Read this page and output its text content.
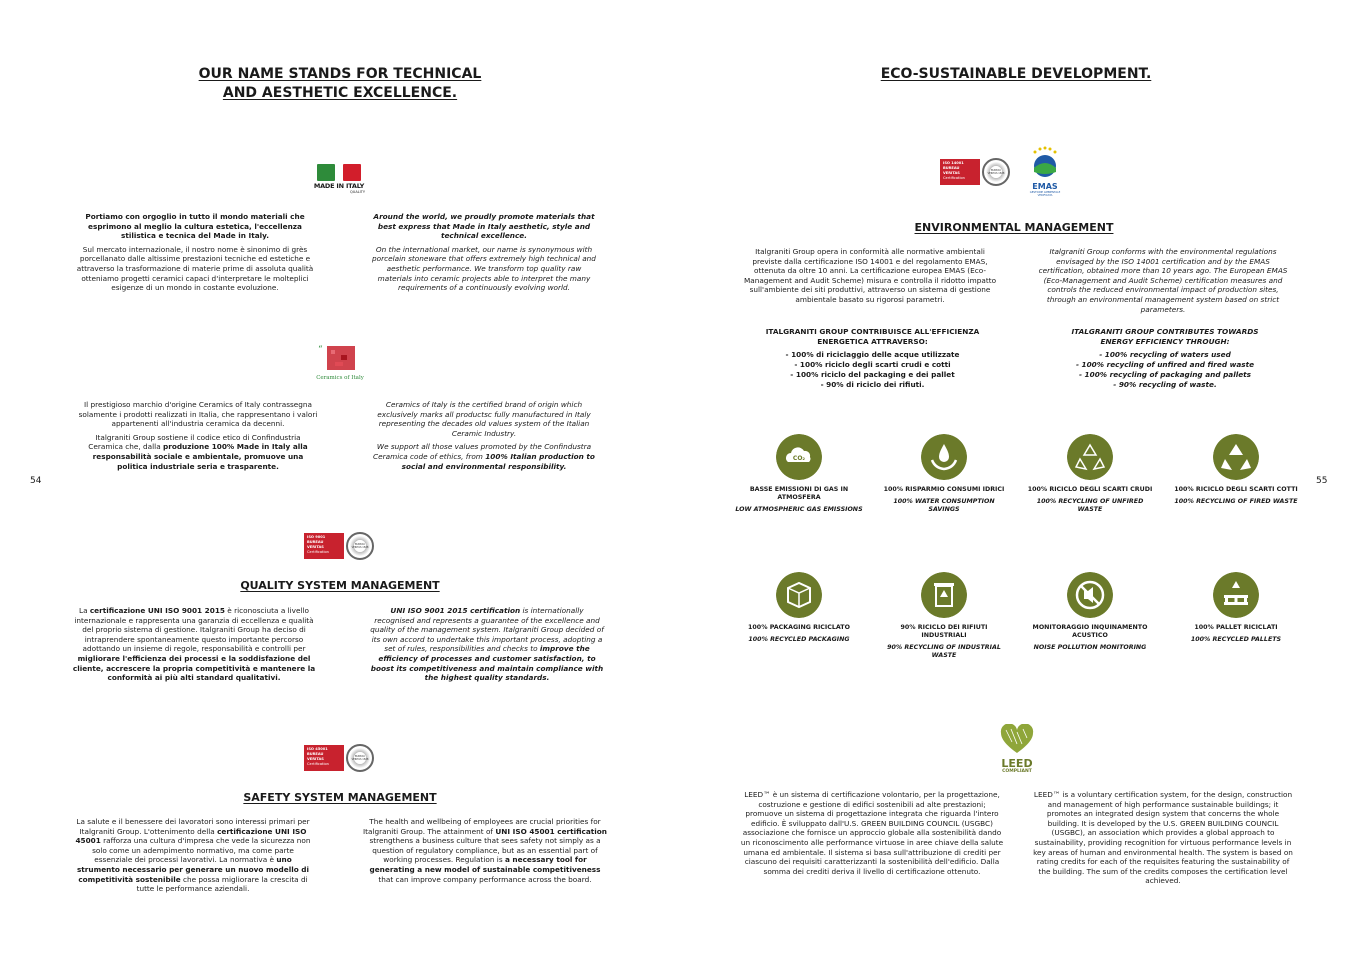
OUR NAME STANDS FOR TECHNICAL
AND AESTHETIC EXCELLENCE.
MADE IN ITALY
QUALITY

Portiamo con orgoglio in tutto il mondo materiali che esprimono al meglio la cultura estetica, l'eccellenza stilistica e tecnica del Made in Italy.

Sul mercato internazionale, il nostro nome è sinonimo di grès porcellanato dalle altissime prestazioni tecniche ed estetiche e attraverso la trasformazione di materie prime di assoluta qualità otteniamo progetti ceramici capaci d'interpretare le molteplici esigenze di un mondo in costante evoluzione.

Around the world, we proudly promote materials that best express that Made in Italy aesthetic, style and technical excellence.

On the international market, our name is synonymous with porcelain stoneware that offers extremely high technical and aesthetic performance. We transform top quality raw materials into ceramic projects able to interpret the many requirements of a continuously evolving world.

“
Ceramics of Italy

Il prestigioso marchio d'origine Ceramics of Italy contrassegna solamente i prodotti realizzati in Italia, che rappresentano i valori appartenenti all'industria ceramica da decenni.

Italgraniti Group sostiene il codice etico di Confindustria Ceramica che, dalla produzione 100% Made in Italy alla responsabilità sociale e ambientale, promuove una politica industriale seria e trasparente.

Ceramics of Italy is the certified brand of origin which exclusively marks all productsc fully manufactured in Italy representing the decades old values system of the Italian Ceramic Industry.

We support all those values promoted by the Confindustra Ceramica code of ethics, from 100% Italian production to social and environmental responsibility.

54
ISO 9001
BUREAU VERITAS
Certification
BUREAU VERITAS 1828
QUALITY SYSTEM MANAGEMENT

La certificazione UNI ISO 9001 2015 è riconosciuta a livello internazionale e rappresenta una garanzia di eccellenza e qualità del proprio sistema di gestione. Italgraniti Group ha deciso di intraprendere spontaneamente questo importante percorso adottando un insieme di regole, responsabilità e controlli per migliorare l'efficienza dei processi e la soddisfazione del cliente, accrescere la propria competitività e mantenere la conformità ai più alti standard qualitativi.

UNI ISO 9001 2015 certification is internationally recognised and represents a guarantee of the excellence and quality of the management system. Italgraniti Group decided of its own accord to undertake this important process, adopting a set of rules, responsibilities and checks to improve the efficiency of processes and customer satisfaction, to boost its competitiveness and maintain compliance with the highest quality standards.

ISO 45001
BUREAU VERITAS
Certification
BUREAU VERITAS 1828
SAFETY SYSTEM MANAGEMENT

La salute e il benessere dei lavoratori sono interessi primari per Italgraniti Group. L'ottenimento della certificazione UNI ISO 45001 rafforza una cultura d'impresa che vede la sicurezza non solo come un adempimento normativo, ma come parte essenziale dei processi lavorativi. La normativa è uno strumento necessario per generare un nuovo modello di competitività sostenibile che possa migliorare la crescita di tutte le performance aziendali.

The health and wellbeing of employees are crucial priorities for Italgraniti Group. The attainment of UNI ISO 45001 certification strengthens a business culture that sees safety not simply as a question of regulatory compliance, but as an essential part of working processes. Regulation is a necessary tool for generating a new model of sustainable competitiveness that can improve company performance across the board.

ECO-SUSTAINABLE DEVELOPMENT.
ISO 14001
BUREAU VERITAS
Certification
BUREAU VERITAS 1828
EMAS
GESTIONE AMBIENTALE VERIFICATA
ENVIRONMENTAL MANAGEMENT

Italgraniti Group opera in conformità alle normative ambientali previste dalla certificazione ISO 14001 e del regolamento EMAS, ottenuta da oltre 10 anni. La certificazione europea EMAS (Eco-Management and Audit Scheme) misura e controlla il ridotto impatto sull'ambiente dei siti produttivi, attraverso un sistema di gestione ambientale basato su rigorosi parametri.

Italgraniti Group conforms with the environmental regulations envisaged by the ISO 14001 certification and by the EMAS certification, obtained more than 10 years ago. The European EMAS (Eco-Management and Audit Scheme) certification measures and controls the reduced environmental impact of production sites, through an environmental management system based on strict parameters.

ITALGRANITI GROUP CONTRIBUISCE ALL'EFFICIENZA ENERGETICA ATTRAVERSO:

- 100% di riciclaggio delle acque utilizzate
- 100% riciclo degli scarti crudi e cotti
- 100% riciclo del packaging e dei pallet
- 90% di riciclo dei rifiuti.

ITALGRANITI GROUP CONTRIBUTES TOWARDS ENERGY EFFICIENCY THROUGH:

- 100% recycling of waters used
- 100% recycling of unfired and fired waste
- 100% recycling of packaging and pallets
- 90% recycling of waste.
CO₂
BASSE EMISSIONI DI GAS IN ATMOSFERA
LOW ATMOSPHERIC GAS EMISSIONS
100% RISPARMIO CONSUMI IDRICI
100% WATER CONSUMPTION SAVINGS
100% RICICLO DEGLI SCARTI CRUDI
100% RECYCLING OF UNFIRED WASTE
100% RICICLO DEGLI SCARTI COTTI
100% RECYCLING OF FIRED WASTE
100% PACKAGING RICICLATO
100% RECYCLED PACKAGING
90% RICICLO DEI RIFIUTI INDUSTRIALI
90% RECYCLING OF INDUSTRIAL WASTE
MONITORAGGIO INQUINAMENTO ACUSTICO
NOISE POLLUTION MONITORING
100% PALLET RICICLATI
100% RECYCLED PALLETS
55
LEED
COMPLIANT

LEED™ è un sistema di certificazione volontario, per la progettazione, costruzione e gestione di edifici sostenibili ad alte prestazioni; promuove un sistema di progettazione integrata che riguarda l'intero edificio. È sviluppato dall'U.S. GREEN BUILDING COUNCIL (USGBC) associazione che fornisce un approccio globale alla sostenibilità dando un riconoscimento alle performance virtuose in aree chiave della salute umana ed ambientale. Il sistema si basa sull'attribuzione di crediti per ciascuno dei requisiti caratterizzanti la sostenibilità dell'edificio. Dalla somma dei crediti deriva il livello di certificazione ottenuto.

LEED™ is a voluntary certification system, for the design, construction and management of high performance sustainable buildings; it promotes an integrated design system that concerns the whole building. It is developed by the U.S. GREEN BUILDING COUNCIL (USGBC), an association which provides a global approach to sustainability, providing recognition for virtuous performance levels in key areas of human and environmental health. The system is based on rating credits for each of the requisites featuring the sustainability of the building. The sum of the credits composes the certification level achieved.
